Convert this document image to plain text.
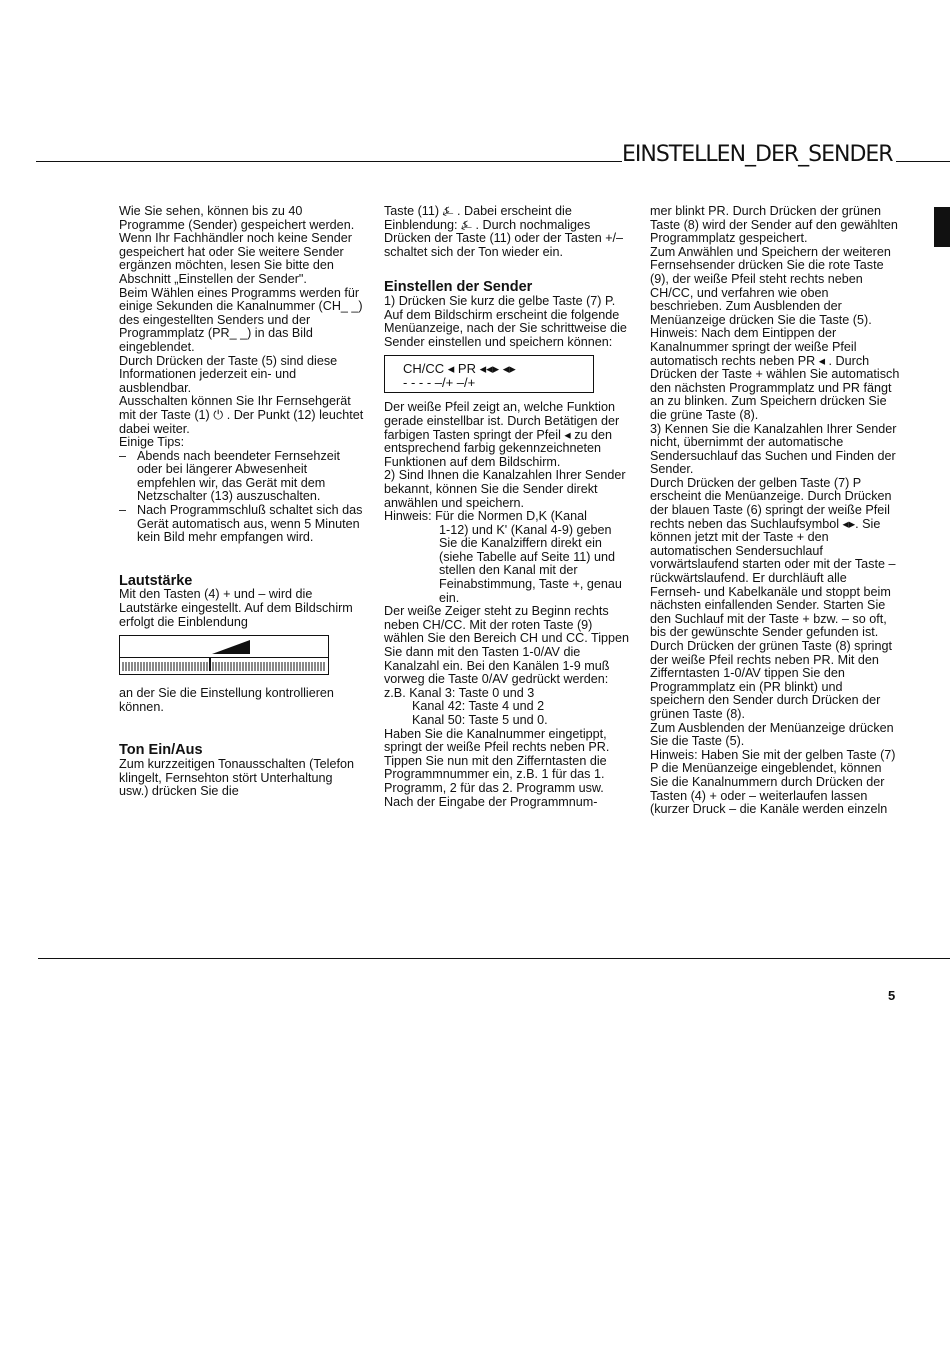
EINSTELLEN_DER_SENDER

Wie Sie sehen, können bis zu 40 Programme (Sender) gespeichert werden. Wenn Ihr Fachhändler noch keine Sender gespeichert hat oder Sie weitere Sender ergänzen möchten, lesen Sie bitte den Abschnitt „Einstellen der Sender".

Beim Wählen eines Programms werden für einige Sekunden die Kanalnummer (CH_ _) des eingestellten Senders und der Programmplatz (PR_ _) in das Bild eingeblendet.

Durch Drücken der Taste (5) sind diese Informationen jederzeit ein- und ausblendbar.

Ausschalten können Sie Ihr Fernsehgerät mit der Taste (1) ⏻ . Der Punkt (12) leuchtet dabei weiter.

Einige Tips:

– Abends nach beendeter Fernsehzeit oder bei längerer Abwesenheit empfehlen wir, das Gerät mit dem Netzschalter (13) auszuschalten.
– Nach Programmschluß schaltet sich das Gerät automatisch aus, wenn 5 Minuten kein Bild mehr empfangen wird.

Lautstärke

Mit den Tasten (4) + und – wird die Lautstärke eingestellt. Auf dem Bildschirm erfolgt die Einblendung

an der Sie die Einstellung kontrollieren können.

Ton Ein/Aus

Zum kurzzeitigen Tonausschalten (Telefon klingelt, Fernsehton stört Unterhaltung usw.) drücken Sie die

Taste (11) ⍼ . Dabei erscheint die Einblendung: ⍼ . Durch nochmaliges Drücken der Taste (11) oder der Tasten +/– schaltet sich der Ton wieder ein.

Einstellen der Sender

1) Drücken Sie kurz die gelbe Taste (7) P. Auf dem Bildschirm erscheint die folgende Menüanzeige, nach der Sie schrittweise die Sender einstellen und speichern können:

CH/CC ◂ PR ◂◂▸ ◂▸
- - - - –/+ –/+

Der weiße Pfeil zeigt an, welche Funktion gerade einstellbar ist. Durch Betätigen der farbigen Tasten springt der Pfeil ◂ zu den entsprechend farbig gekennzeichneten Funktionen auf dem Bildschirm.

2) Sind Ihnen die Kanalzahlen Ihrer Sender bekannt, können Sie die Sender direkt anwählen und speichern.

Hinweis: Für die Normen D,K (Kanal

1-12) und K' (Kanal 4-9) geben Sie die Kanalziffern direkt ein (siehe Tabelle auf Seite 11) und stellen den Kanal mit der Feinabstimmung, Taste +, genau ein.

Der weiße Zeiger steht zu Beginn rechts neben CH/CC. Mit der roten Taste (9) wählen Sie den Bereich CH und CC. Tippen Sie dann mit den Tasten 1-0/AV die Kanalzahl ein. Bei den Kanälen 1-9 muß vorweg die Taste 0/AV gedrückt werden:

z.B. Kanal 3: Taste 0 und 3

Kanal 42: Taste 4 und 2

Kanal 50: Taste 5 und 0.

Haben Sie die Kanalnummer eingetippt, springt der weiße Pfeil rechts neben PR. Tippen Sie nun mit den Zifferntasten die Programmnummer ein, z.B. 1 für das 1. Programm, 2 für das 2. Programm usw.

Nach der Eingabe der Programmnum-

mer blinkt PR. Durch Drücken der grünen Taste (8) wird der Sender auf den gewählten Programmplatz gespeichert.

Zum Anwählen und Speichern der weiteren Fernsehsender drücken Sie die rote Taste (9), der weiße Pfeil steht rechts neben CH/CC, und verfahren wie oben beschrieben. Zum Ausblenden der Menüanzeige drücken Sie die Taste (5).

Hinweis: Nach dem Eintippen der Kanalnummer springt der weiße Pfeil automatisch rechts neben PR ◂ . Durch Drücken der Taste + wählen Sie automatisch den nächsten Programmplatz und PR fängt an zu blinken. Zum Speichern drücken Sie die grüne Taste (8).

3) Kennen Sie die Kanalzahlen Ihrer Sender nicht, übernimmt der automatische Sendersuchlauf das Suchen und Finden der Sender.

Durch Drücken der gelben Taste (7) P erscheint die Menüanzeige. Durch Drücken der blauen Taste (6) springt der weiße Pfeil rechts neben das Suchlaufsymbol ◂▸. Sie können jetzt mit der Taste + den automatischen Sendersuchlauf vorwärtslaufend starten oder mit der Taste – rückwärtslaufend. Er durchläuft alle Fernseh- und Kabelkanäle und stoppt beim nächsten einfallenden Sender. Starten Sie den Suchlauf mit der Taste + bzw. – so oft, bis der gewünschte Sender gefunden ist.

Durch Drücken der grünen Taste (8) springt der weiße Pfeil rechts neben PR. Mit den Zifferntasten 1-0/AV tippen Sie den Programmplatz ein (PR blinkt) und speichern den Sender durch Drücken der grünen Taste (8).

Zum Ausblenden der Menüanzeige drücken Sie die Taste (5).

Hinweis: Haben Sie mit der gelben Taste (7) P die Menüanzeige eingeblendet, können Sie die Kanalnummern durch Drücken der Tasten (4) + oder – weiterlaufen lassen (kurzer Druck – die Kanäle werden einzeln

5
